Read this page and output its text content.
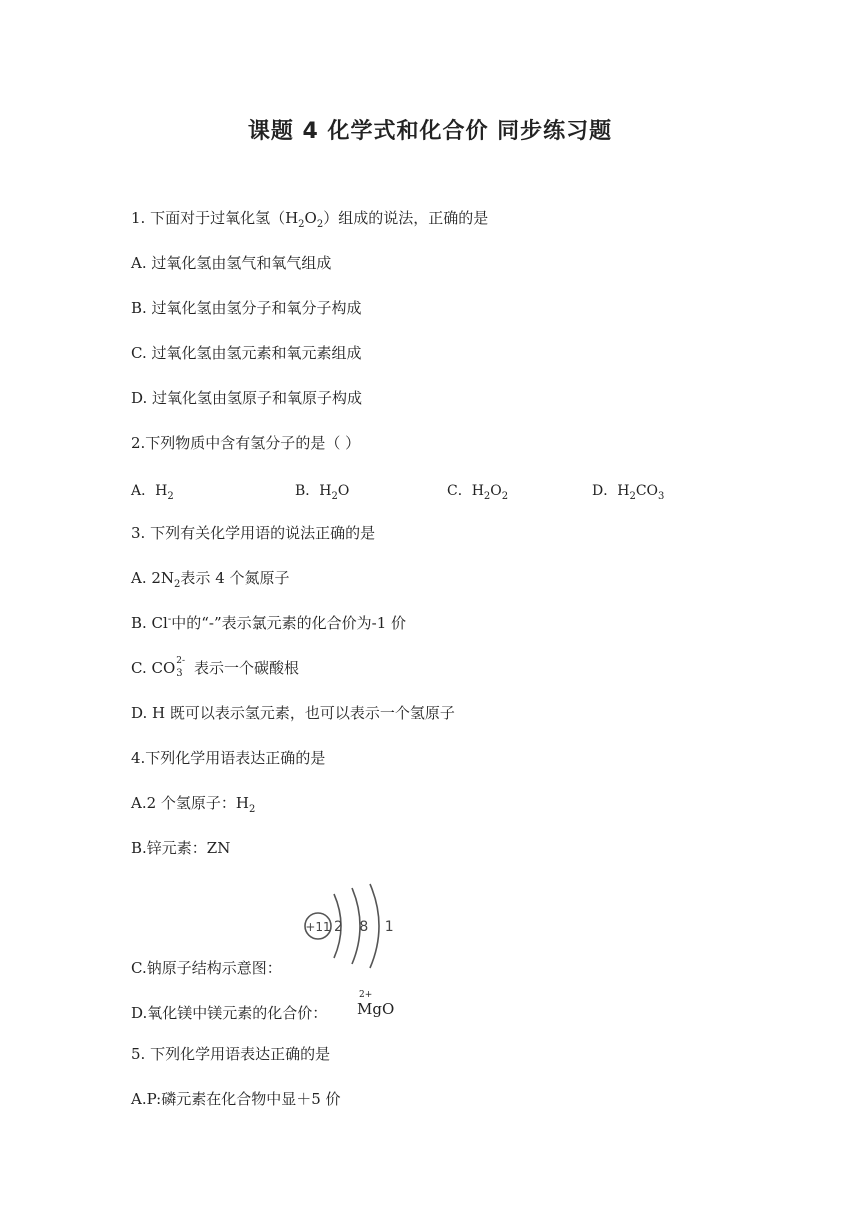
课题 4 化学式和化合价 同步练习题
1. 下面对于过氧化氢$(H_2O_2)$组成的说法，正确的是
A. 过氧化氢由氢气和氧气组成
B. 过氧化氢由氢分子和氧分子构成
C. 过氧化氢由氢元素和氧元素组成
D. 过氧化氢由氢原子和氧原子构成
2.下列物质中含有氢分子的是（ ）
A．$H_2$	B．$H_2O$	C．$H_2O_2$	D．$H_2CO_3$
3. 下列有关化学用语的说法正确的是
A. $2N_2$表示 4 个氮原子
B. Cl-中的“-”表示氯元素的化合价为-1 价
C. CO 2-
3 表示一个碳酸根
D. H 既可以表示氢元素，也可以表示一个氢原子
4.下列化学用语表达正确的是
A.2 个氢原子：$H_2$
B.锌元素：ZN
+11 2 8 1
C.钠原子结构示意图：
D.氧化镁中镁元素的化合价：
2+
MgO
5. 下列化学用语表达正确的是
A.P:磷元素在化合物中显＋5 价
